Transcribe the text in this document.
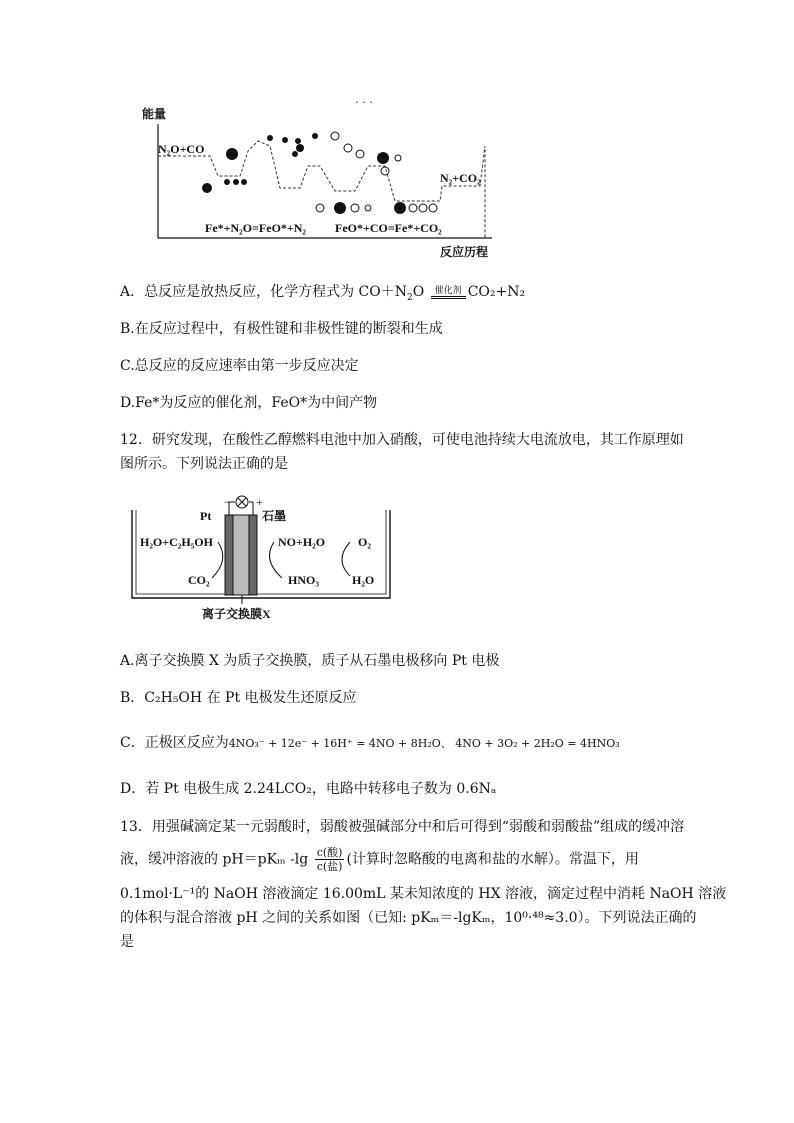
· · ·
能量
N₂O+CO
N₂+CO₂
Fe*+N₂O=FeO*+N₂ FeO*+CO=Fe*+CO₂
反应历程
A．总反应是放热反应，化学方程式为 $CO+N_2O$ 催化剂 CO₂+N₂
B.在反应过程中，有极性键和非极性键的断裂和生成
C.总反应的反应速率由第一步反应决定
D.Fe*为反应的催化剂，FeO*为中间产物
12．研究发现，在酸性乙醇燃料电池中加入硝酸，可使电池持续大电流放电，其工作原理如
图所示。下列说法正确的是
− +
Pt	石墨
H₂O+C₂H₅OH
CO₂
NO+H₂O
HNO₃
O₂
H₂O
离子交换膜X
A.离子交换膜 X 为质子交换膜，质子从石墨电极移向 Pt 电极
B．C₂H₅OH 在 Pt 电极发生还原反应
C．正极区反应为4NO₃⁻ + 12e⁻ + 16H⁺ = 4NO + 8H₂O、 4NO + 3O₂ + 2H₂O = 4HNO₃
D．若 Pt 电极生成 2.24LCO₂，电路中转移电子数为 0.6Nₐ
13．用强碱滴定某一元弱酸时，弱酸被强碱部分中和后可得到“弱酸和弱酸盐”组成的缓冲溶
液，缓冲溶液的 pH＝pKₘ $-\lg \frac{\text{c(酸)}}{\text{c(盐)}}$ (计算时忽略酸的电离和盐的水解）。常温下，用
0.1mol·L⁻¹的 NaOH 溶液滴定 16.00mL 某未知浓度的 HX 溶液，滴定过程中消耗 NaOH 溶液
的体积与混合溶液 pH 之间的关系如图（已知: pKₘ＝-lgKₘ，10⁰·⁴⁸≈3.0）。下列说法正确的
是
